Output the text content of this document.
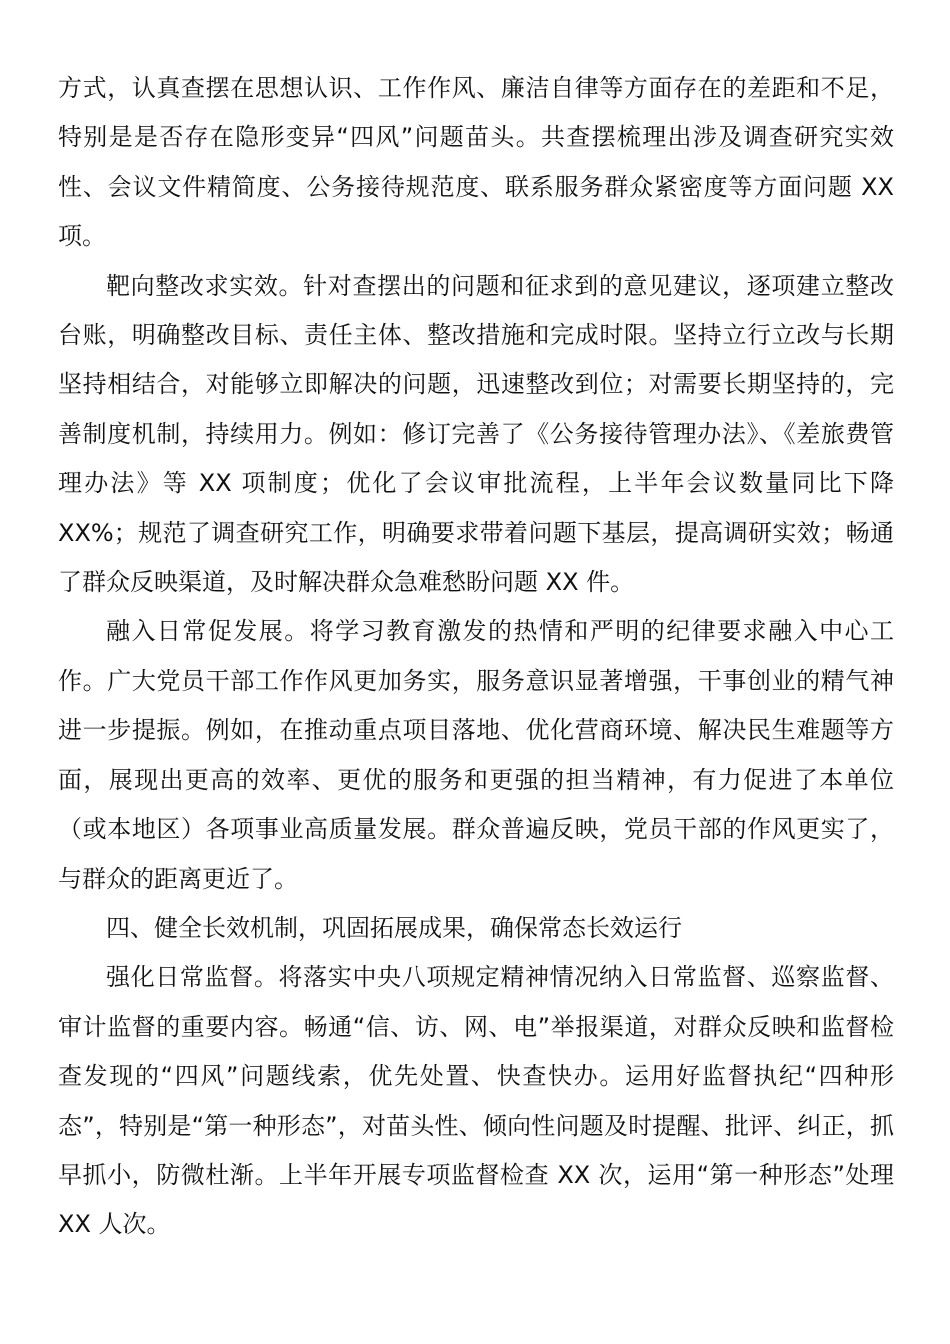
方式，认真查摆在思想认识、工作作风、廉洁自律等方面存在的差距和不足，特别是是否存在隐形变异“四风”问题苗头。共查摆梳理出涉及调查研究实效性、会议文件精简度、公务接待规范度、联系服务群众紧密度等方面问题 XX 项。

靶向整改求实效。针对查摆出的问题和征求到的意见建议，逐项建立整改台账，明确整改目标、责任主体、整改措施和完成时限。坚持立行立改与长期坚持相结合，对能够立即解决的问题，迅速整改到位；对需要长期坚持的，完善制度机制，持续用力。例如：修订完善了《公务接待管理办法》、《差旅费管理办法》等 XX 项制度；优化了会议审批流程，上半年会议数量同比下降 XX%；规范了调查研究工作，明确要求带着问题下基层，提高调研实效；畅通了群众反映渠道，及时解决群众急难愁盼问题 XX 件。

融入日常促发展。将学习教育激发的热情和严明的纪律要求融入中心工作。广大党员干部工作作风更加务实，服务意识显著增强，干事创业的精气神进一步提振。例如，在推动重点项目落地、优化营商环境、解决民生难题等方面，展现出更高的效率、更优的服务和更强的担当精神，有力促进了本单位（或本地区）各项事业高质量发展。群众普遍反映，党员干部的作风更实了，与群众的距离更近了。

四、健全长效机制，巩固拓展成果，确保常态长效运行

强化日常监督。将落实中央八项规定精神情况纳入日常监督、巡察监督、审计监督的重要内容。畅通“信、访、网、电”举报渠道，对群众反映和监督检查发现的“四风”问题线索，优先处置、快查快办。运用好监督执纪“四种形态”，特别是“第一种形态”，对苗头性、倾向性问题及时提醒、批评、纠正，抓早抓小，防微杜渐。上半年开展专项监督检查 XX 次，运用“第一种形态”处理 XX 人次。
